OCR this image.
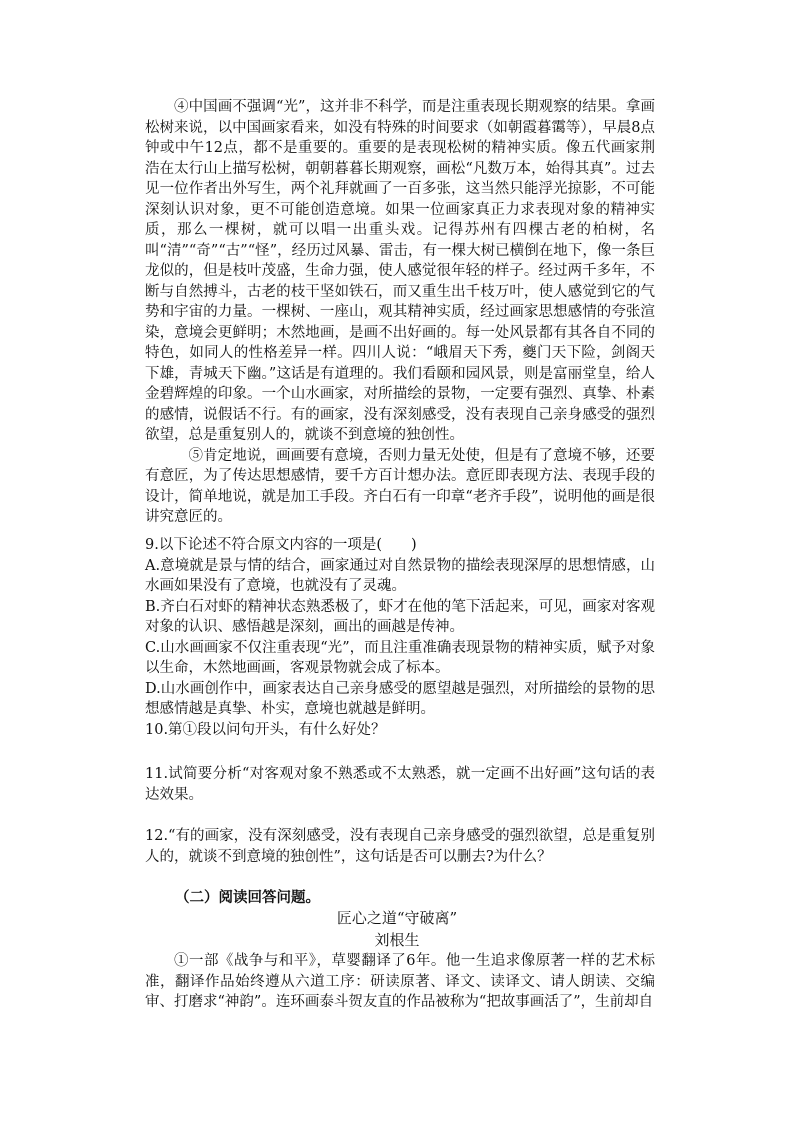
④中国画不强调“光”，这并非不科学，而是注重表现长期观察的结果。拿画松树来说，以中国画家看来，如没有特殊的时间要求（如朝霞暮霭等），早晨8点钟或中午12点，都不是重要的。重要的是表现松树的精神实质。像五代画家荆浩在太行山上描写松树，朝朝暮暮长期观察，画松“凡数万本，始得其真”。过去见一位作者出外写生，两个礼拜就画了一百多张，这当然只能浮光掠影，不可能深刻认识对象，更不可能创造意境。如果一位画家真正力求表现对象的精神实质，那么一棵树，就可以唱一出重头戏。记得苏州有四棵古老的柏树，名叫“清”“奇”“古”“怪”，经历过风暴、雷击，有一棵大树已横倒在地下，像一条巨龙似的，但是枝叶茂盛，生命力强，使人感觉很年轻的样子。经过两千多年，不断与自然搏斗，古老的枝干坚如铁石，而又重生出千枝万叶，使人感觉到它的气势和宇宙的力量。一棵树、一座山，观其精神实质，经过画家思想感情的夸张渲染，意境会更鲜明；木然地画，是画不出好画的。每一处风景都有其各自不同的特色，如同人的性格差异一样。四川人说：“峨眉天下秀，夔门天下险，剑阁天下雄，青城天下幽。”这话是有道理的。我们看颐和园风景，则是富丽堂皇，给人金碧辉煌的印象。一个山水画家，对所描绘的景物，一定要有强烈、真挚、朴素的感情，说假话不行。有的画家，没有深刻感受，没有表现自己亲身感受的强烈欲望，总是重复别人的，就谈不到意境的独创性。

⑤肯定地说，画画要有意境，否则力量无处使，但是有了意境不够，还要有意匠，为了传达思想感情，要千方百计想办法。意匠即表现方法、表现手段的设计，简单地说，就是加工手段。齐白石有一印章“老齐手段”，说明他的画是很讲究意匠的。

9.以下论述不符合原文内容的一项是(　　)

A.意境就是景与情的结合，画家通过对自然景物的描绘表现深厚的思想情感，山水画如果没有了意境，也就没有了灵魂。

B.齐白石对虾的精神状态熟悉极了，虾才在他的笔下活起来，可见，画家对客观对象的认识、感悟越是深刻，画出的画越是传神。

C.山水画画家不仅注重表现“光”，而且注重准确表现景物的精神实质，赋予对象以生命，木然地画画，客观景物就会成了标本。

D.山水画创作中，画家表达自己亲身感受的愿望越是强烈，对所描绘的景物的思想感情越是真挚、朴实，意境也就越是鲜明。

10.第①段以问句开头，有什么好处？

11.试简要分析“对客观对象不熟悉或不太熟悉，就一定画不出好画”这句话的表达效果。

12.“有的画家，没有深刻感受，没有表现自己亲身感受的强烈欲望，总是重复别人的，就谈不到意境的独创性”，这句话是否可以删去?为什么？

（二）阅读回答问题。

匠心之道“守破离”

刘根生

①一部《战争与和平》，草婴翻译了6年。他一生追求像原著一样的艺术标准，翻译作品始终遵从六道工序：研读原著、译文、读译文、请人朗读、交编审、打磨求“神韵”。连环画泰斗贺友直的作品被称为“把故事画活了”，生前却自
